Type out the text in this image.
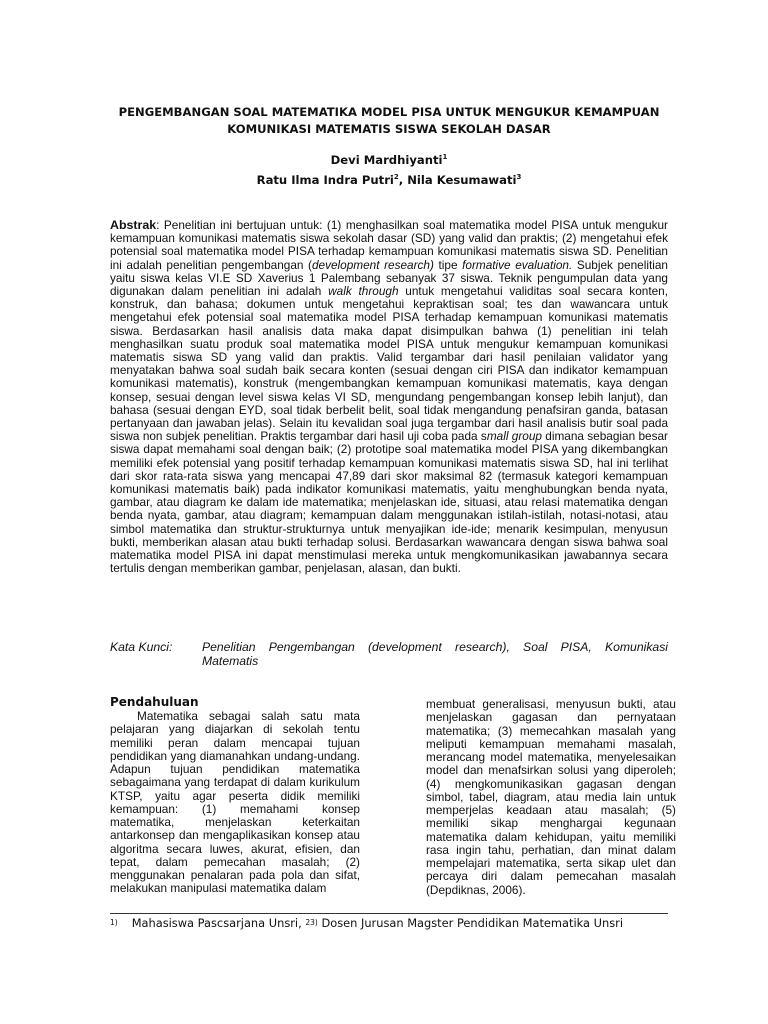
PENGEMBANGAN SOAL MATEMATIKA MODEL PISA UNTUK MENGUKUR KEMAMPUAN
KOMUNIKASI MATEMATIS SISWA SEKOLAH DASAR
Devi Mardhiyanti$^1$
Ratu Ilma Indra Putri$^2$, Nila Kesumawati$^3$
Abstrak: Penelitian ini bertujuan untuk: (1) menghasilkan soal matematika model PISA untuk mengukur kemampuan komunikasi matematis siswa sekolah dasar (SD) yang valid dan praktis; (2) mengetahui efek potensial soal matematika model PISA terhadap kemampuan komunikasi matematis siswa SD. Penelitian ini adalah penelitian pengembangan (development research) tipe formative evaluation. Subjek penelitian yaitu siswa kelas VI.E SD Xaverius 1 Palembang sebanyak 37 siswa. Teknik pengumpulan data yang digunakan dalam penelitian ini adalah walk through untuk mengetahui validitas soal secara konten, konstruk, dan bahasa; dokumen untuk mengetahui kepraktisan soal; tes dan wawancara untuk mengetahui efek potensial soal matematika model PISA terhadap kemampuan komunikasi matematis siswa. Berdasarkan hasil analisis data maka dapat disimpulkan bahwa (1) penelitian ini telah menghasilkan suatu produk soal matematika model PISA untuk mengukur kemampuan komunikasi matematis siswa SD yang valid dan praktis. Valid tergambar dari hasil penilaian validator yang menyatakan bahwa soal sudah baik secara konten (sesuai dengan ciri PISA dan indikator kemampuan komunikasi matematis), konstruk (mengembangkan kemampuan komunikasi matematis, kaya dengan konsep, sesuai dengan level siswa kelas VI SD, mengundang pengembangan konsep lebih lanjut), dan bahasa (sesuai dengan EYD, soal tidak berbelit belit, soal tidak mengandung penafsiran ganda, batasan pertanyaan dan jawaban jelas). Selain itu kevalidan soal juga tergambar dari hasil analisis butir soal pada siswa non subjek penelitian. Praktis tergambar dari hasil uji coba pada small group dimana sebagian besar siswa dapat memahami soal dengan baik; (2) prototipe soal matematika model PISA yang dikembangkan memiliki efek potensial yang positif terhadap kemampuan komunikasi matematis siswa SD, hal ini terlihat dari skor rata-rata siswa yang mencapai 47,89 dari skor maksimal 82 (termasuk kategori kemampuan komunikasi matematis baik) pada indikator komunikasi matematis, yaitu menghubungkan benda nyata, gambar, atau diagram ke dalam ide matematika; menjelaskan ide, situasi, atau relasi matematika dengan benda nyata, gambar, atau diagram; kemampuan dalam menggunakan istilah-istilah, notasi-notasi, atau simbol matematika dan struktur-strukturnya untuk menyajikan ide-ide; menarik kesimpulan, menyusun bukti, memberikan alasan atau bukti terhadap solusi. Berdasarkan wawancara dengan siswa bahwa soal matematika model PISA ini dapat menstimulasi mereka untuk mengkomunikasikan jawabannya secara tertulis dengan memberikan gambar, penjelasan, alasan, dan bukti.
Kata Kunci: Penelitian Pengembangan (development research), Soal PISA, Komunikasi Matematis
Pendahuluan

Matematika sebagai salah satu mata pelajaran yang diajarkan di sekolah tentu memiliki peran dalam mencapai tujuan pendidikan yang diamanahkan undang-undang. Adapun tujuan pendidikan matematika sebagaimana yang terdapat di dalam kurikulum KTSP, yaitu agar peserta didik memiliki kemampuan: (1) memahami konsep matematika, menjelaskan keterkaitan antarkonsep dan mengaplikasikan konsep atau algoritma secara luwes, akurat, efisien, dan tepat, dalam pemecahan masalah; (2) menggunakan penalaran pada pola dan sifat, melakukan manipulasi matematika dalam

membuat generalisasi, menyusun bukti, atau menjelaskan gagasan dan pernyataan matematika; (3) memecahkan masalah yang meliputi kemampuan memahami masalah, merancang model matematika, menyelesaikan model dan menafsirkan solusi yang diperoleh; (4) mengkomunikasikan gagasan dengan simbol, tabel, diagram, atau media lain untuk memperjelas keadaan atau masalah; (5) memiliki sikap menghargai kegunaan matematika dalam kehidupan, yaitu memiliki rasa ingin tahu, perhatian, dan minat dalam mempelajari matematika, serta sikap ulet dan percaya diri dalam pemecahan masalah (Depdiknas, 2006).

$^{1)}$ Mahasiswa Pascsarjana Unsri, $^{23)}$ Dosen Jurusan Magster Pendidikan Matematika Unsri
